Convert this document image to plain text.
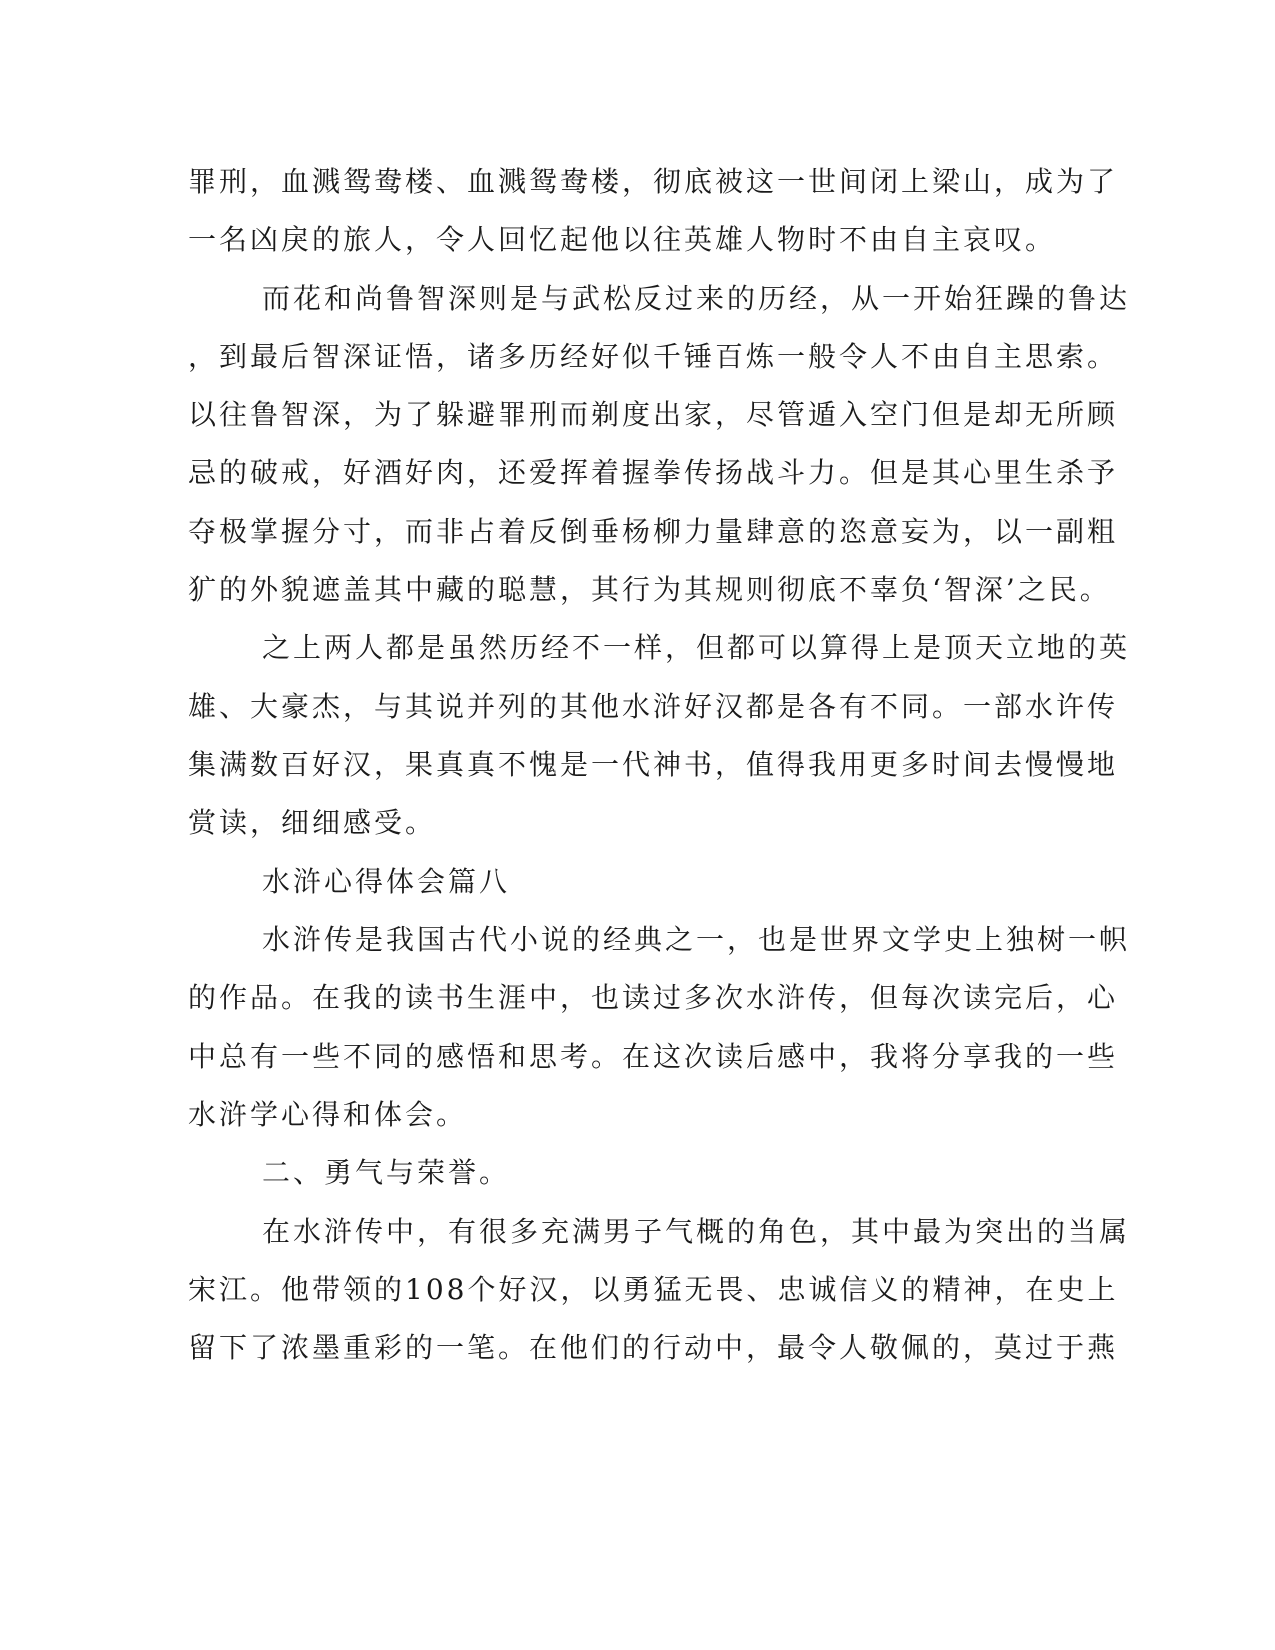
罪刑，血溅鸳鸯楼、血溅鸳鸯楼，彻底被这一世间闭上梁山，成为了
一名凶戾的旅人，令人回忆起他以往英雄人物时不由自主哀叹。
而花和尚鲁智深则是与武松反过来的历经，从一开始狂躁的鲁达
，到最后智深证悟，诸多历经好似千锤百炼一般令人不由自主思索。
以往鲁智深，为了躲避罪刑而剃度出家，尽管遁入空门但是却无所顾
忌的破戒，好酒好肉，还爱挥着握拳传扬战斗力。但是其心里生杀予
夺极掌握分寸，而非占着反倒垂杨柳力量肆意的恣意妄为，以一副粗
犷的外貌遮盖其中藏的聪慧，其行为其规则彻底不辜负‘智深’之民。
之上两人都是虽然历经不一样，但都可以算得上是顶天立地的英
雄、大豪杰，与其说并列的其他水浒好汉都是各有不同。一部水许传
集满数百好汉，果真真不愧是一代神书，值得我用更多时间去慢慢地
赏读，细细感受。
水浒心得体会篇八
水浒传是我国古代小说的经典之一，也是世界文学史上独树一帜
的作品。在我的读书生涯中，也读过多次水浒传，但每次读完后，心
中总有一些不同的感悟和思考。在这次读后感中，我将分享我的一些
水浒学心得和体会。
二、勇气与荣誉。
在水浒传中，有很多充满男子气概的角色，其中最为突出的当属
宋江。他带领的108个好汉，以勇猛无畏、忠诚信义的精神，在史上
留下了浓墨重彩的一笔。在他们的行动中，最令人敬佩的，莫过于燕
